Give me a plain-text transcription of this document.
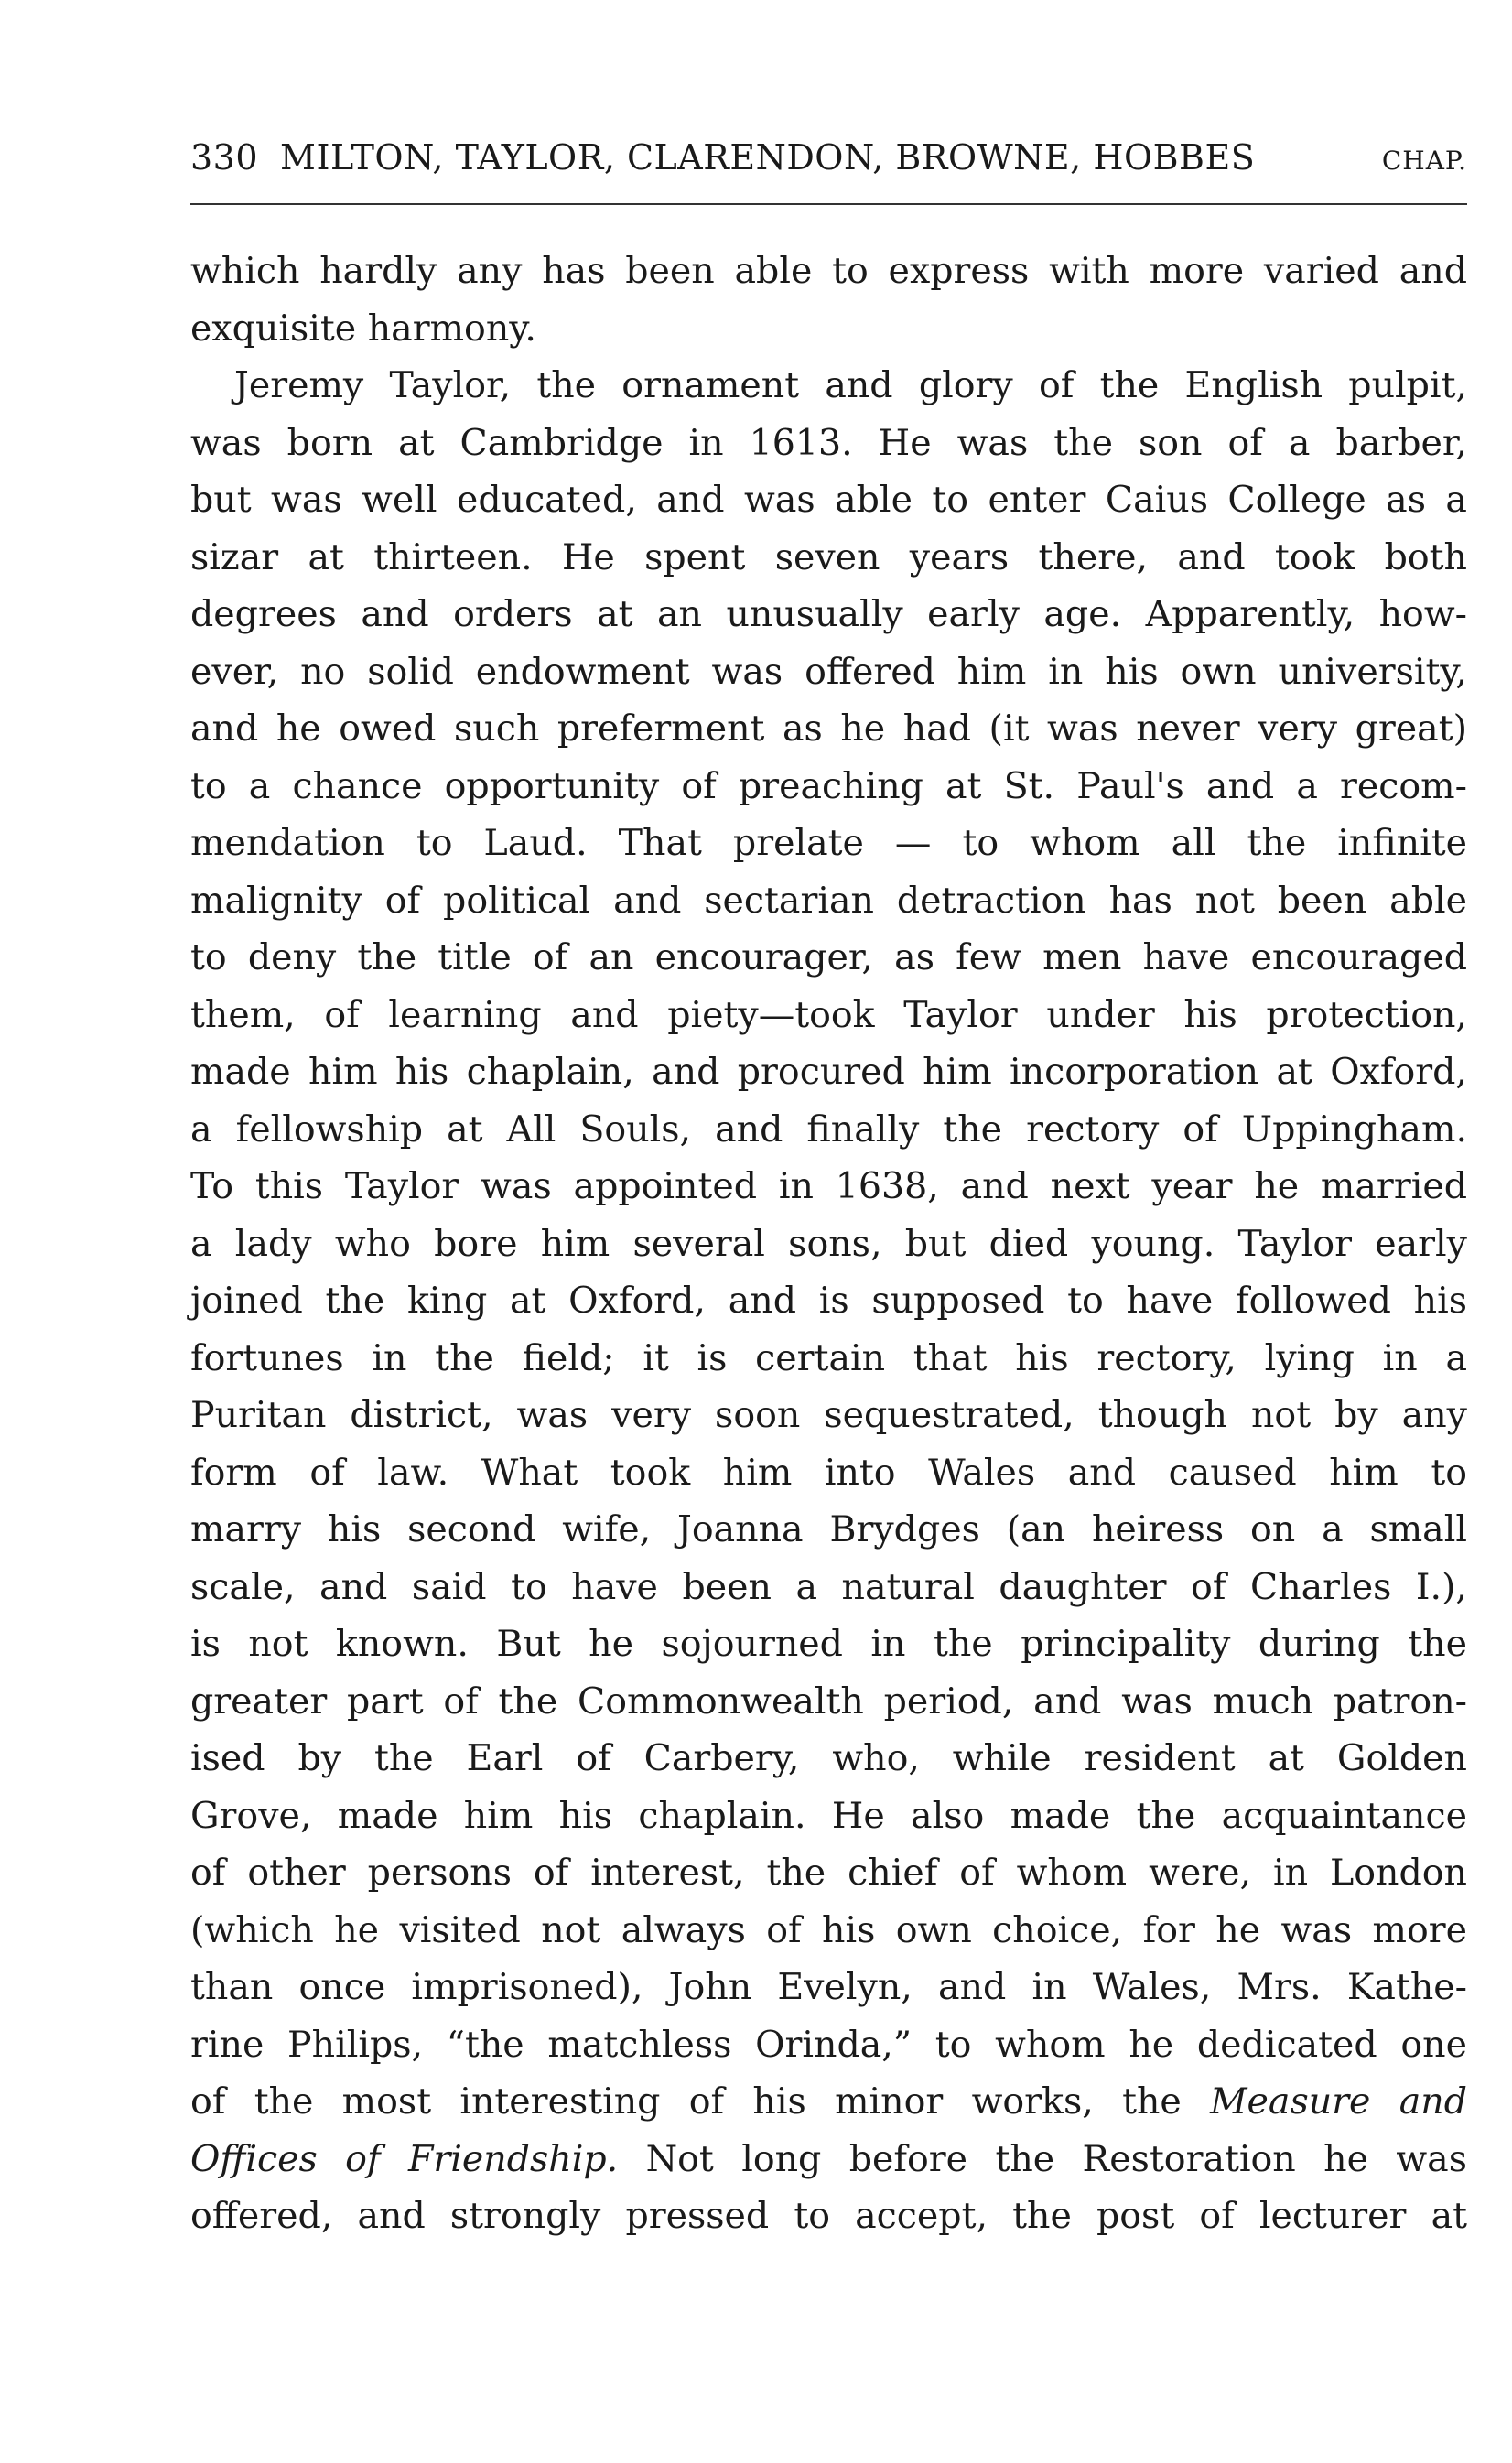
330 MILTON, TAYLOR, CLARENDON, BROWNE, HOBBES	CHAP.
which hardly any has been able to express with more varied and
exquisite harmony.
Jeremy Taylor, the ornament and glory of the English pulpit,
was born at Cambridge in 1613. He was the son of a barber,
but was well educated, and was able to enter Caius College as a
sizar at thirteen. He spent seven years there, and took both
degrees and orders at an unusually early age. Apparently, how-
ever, no solid endowment was offered him in his own university,
and he owed such preferment as he had (it was never very great)
to a chance opportunity of preaching at St. Paul's and a recom-
mendation to Laud. That prelate — to whom all the infinite
malignity of political and sectarian detraction has not been able
to deny the title of an encourager, as few men have encouraged
them, of learning and piety—took Taylor under his protection,
made him his chaplain, and procured him incorporation at Oxford,
a fellowship at All Souls, and finally the rectory of Uppingham.
To this Taylor was appointed in 1638, and next year he married
a lady who bore him several sons, but died young. Taylor early
joined the king at Oxford, and is supposed to have followed his
fortunes in the field; it is certain that his rectory, lying in a
Puritan district, was very soon sequestrated, though not by any
form of law. What took him into Wales and caused him to
marry his second wife, Joanna Brydges (an heiress on a small
scale, and said to have been a natural daughter of Charles I.),
is not known. But he sojourned in the principality during the
greater part of the Commonwealth period, and was much patron-
ised by the Earl of Carbery, who, while resident at Golden
Grove, made him his chaplain. He also made the acquaintance
of other persons of interest, the chief of whom were, in London
(which he visited not always of his own choice, for he was more
than once imprisoned), John Evelyn, and in Wales, Mrs. Kathe-
rine Philips, “the matchless Orinda,” to whom he dedicated one
of the most interesting of his minor works, the Measure and
Offices of Friendship. Not long before the Restoration he was
offered, and strongly pressed to accept, the post of lecturer at
